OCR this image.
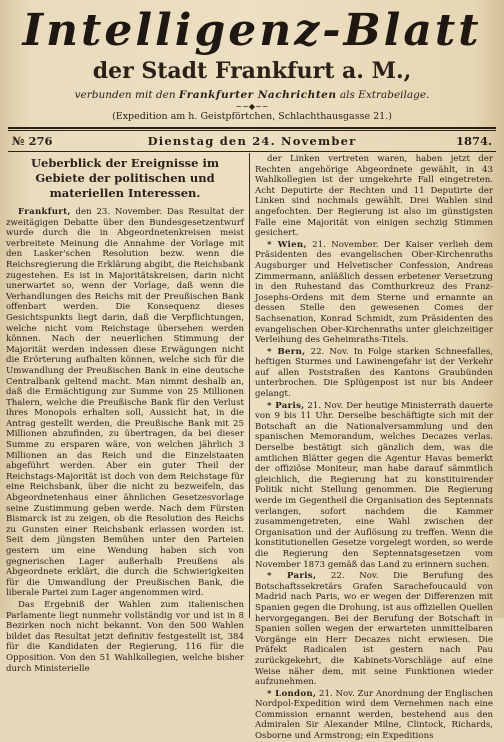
Intelligenz-Blatt
der Stadt Frankfurt a. M.,
verbunden mit den Frankfurter Nachrichten als Extrabeilage.
~∽◆∽~
(Expedition am h. Geistpförtchen, Schlachthausgasse 21.)
№ 276	Dienstag den 24. November	1874.
Ueberblick der Ereignisse im Gebiete der politischen und materiellen Interessen.

Frankfurt, den 23. November. Das Resultat der zweitägigen Debatte über den Bundesgesetzentwurf wurde durch die in Abgeordnetenkreisen meist verbreitete Meinung die Annahme der Vorlage mit den Lasker'schen Resolution bezw. wenn die Reichsregierung die Erklärung abgibt, die Reichsbank zugestehen. Es ist in Majoritätskreisen, darin nicht unerwartet so, wenn der Vorlage, daß wenn die Verhandlungen des Reichs mit der Preußischen Bank offenbart werden. Die Konsequenz dieses Gesichtspunkts liegt darin, daß die Verpflichtungen, welche nicht vom Reichstage übersehen werden können. Nach der neuerlichen Stimmung der Majorität werden indessen diese Erwägungen nicht die Erörterung aufhalten können, welche sich für die Umwandlung der Preußischen Bank in eine deutsche Centralbank geltend macht. Man nimmt deshalb an, daß die Ermächtigung zur Summe von 25 Millionen Thalern, welche die Preußische Bank für den Verlust ihres Monopols erhalten soll, Aussicht hat, in die Antrag gestellt werden, die Preußische Bank mit 25 Millionen abzufinden, zu übertragen, da bei dieser Summe zu ersparen wäre, von welchen jährlich 3 Millionen an das Reich und die Einzelstaaten abgeführt werden. Aber ein guter Theil der Reichstags-Majorität ist doch von dem Reichstage für eine Reichsbank, über die nicht zu bezweifeln, das Abgeordnetenhaus einer ähnlichen Gesetzesvorlage seine Zustimmung geben werde. Nach dem Fürsten Bismarck ist zu zeigen, ob die Resolution des Reichs zu Gunsten einer Reichsbank erlassen worden ist. Seit dem jüngsten Bemühen unter den Parteien gestern um eine Wendung haben sich von gegnerischen Lager außerhalb Preußens als Abgeordnete erklärt, die durch die Schwierigkeiten für die Umwandlung der Preußischen Bank, die liberale Partei zum Lager angenommen wird.

Das Ergebniß der Wahlen zum italienischen Parlamente liegt nunmehr vollständig vor und ist in 8 Bezirken noch nicht bekannt. Von den 500 Wahlen bildet das Resultat jetzt definitiv festgestellt ist, 384 für die Kandidaten der Regierung, 116 für die Opposition. Von den 51 Wahlkollegien, welche bisher durch Ministerielle

der Linken vertreten waren, haben jetzt der Rechten angehörige Abgeordnete gewählt, in 43 Wahlkollegien ist der umgekehrte Fall eingetreten. Acht Deputirte der Rechten und 11 Deputirte der Linken sind nochmals gewählt. Drei Wahlen sind angefochten. Der Regierung ist also im günstigsten Falle eine Majorität von einigen sechzig Stimmen gesichert.

* Wien, 21. November. Der Kaiser verlieh dem Präsidenten des evangelischen Ober-Kirchenraths Augsburger und Helvetischer Confession, Andreas Zimmermann, anläßlich dessen erbetener Versetzung in den Ruhestand das Comthurkreuz des Franz-Josephs-Ordens mit dem Sterne und ernannte an dessen Stelle den gewesenen Comes der Sachsenation, Konrad Schmidt, zum Präsidenten des evangelischen Ober-Kirchenraths unter gleichzeitiger Verleihung des Geheimraths-Titels.

* Bern, 22. Nov. In Folge starken Schneefalles, heftigen Sturmes und Lawinengefahr ist der Verkehr auf allen Poststraßen des Kantons Graubünden unterbrochen. Die Splügenpost ist nur bis Andeer gelangt.

* Paris, 21. Nov. Der heutige Ministerrath dauerte von 9 bis 11 Uhr. Derselbe beschäftigte sich mit der Botschaft an die Nationalversammlung und den spanischen Memorandum, welches Decazes verlas. Derselbe bestätigt sich gänzlich dem, was die amtlichen Blätter gegen die Agentur Havas bemerkt der offiziöse Moniteur, man habe darauf sämmtlich gleichlich, die Regierung hat zu konstituirender Politik nicht Stellung genommen. Die Regierung werde im Gegentheil die Organisation des Septennats verlangen, sofort nachdem die Kammer zusammengetreten, eine Wahl zwischen der Organisation und der Auflösung zu treffen. Wenn die konstitutionellen Gesetze vorgelegt worden, so werde die Regierung den Septennatsgesetzen vom November 1873 gemäß das Land zu erinnern suchen.

* Paris, 22. Nov. Die Berufung des Botschaftssekretärs Grafen Sarachefoucauld von Madrid nach Paris, wo er wegen der Differenzen mit Spanien gegen die Drohung, ist aus offiziellen Quellen hervorgegangen. Bei der Berufung der Botschaft in Spanien sollen wegen der erwarteten unmittelbaren Vorgänge ein Herr Decazes nicht erwiesen. Die Präfekt Radicalen ist gestern nach Pau zurückgekehrt, die Kabinets-Vorschläge auf eine Weise näher dem, mit seine Funktionen wieder aufzunehmen.

* London, 21. Nov. Zur Anordnung der Englischen Nordpol-Expedition wird dem Vernehmen nach eine Commission ernannt werden, bestehend aus den Admiralen Sir Alexander Milne, Clintock, Richards, Osborne und Armstrong; ein Expeditions
